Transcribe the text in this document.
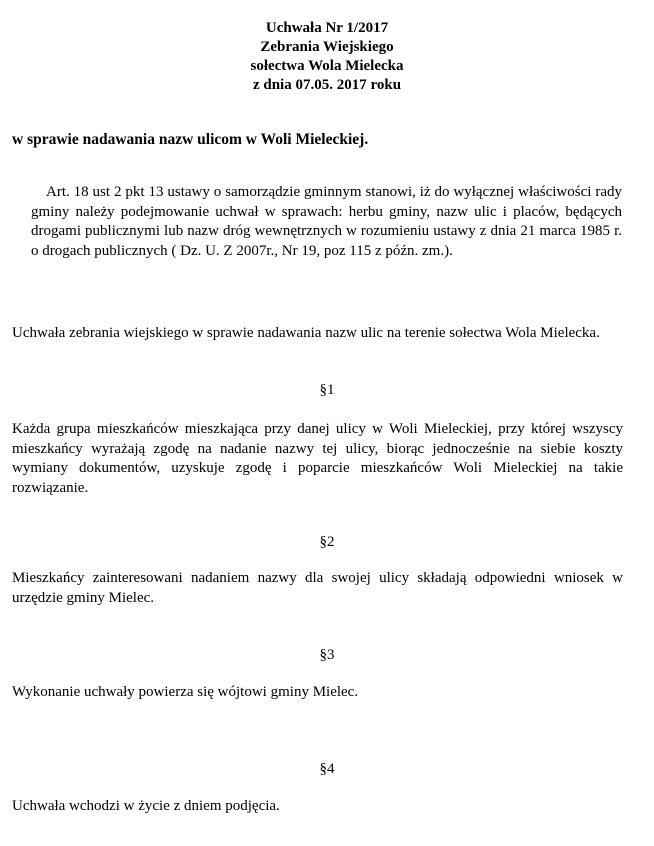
Uchwała Nr 1/2017
Zebrania Wiejskiego
sołectwa Wola Mielecka
z dnia 07.05. 2017 roku
w sprawie nadawania nazw ulicom w Woli Mieleckiej.
Art. 18 ust 2 pkt 13 ustawy o samorządzie gminnym stanowi, iż do wyłącznej właściwości rady gminy należy podejmowanie uchwał w sprawach: herbu gminy, nazw ulic i placów, będących drogami publicznymi lub nazw dróg wewnętrznych w rozumieniu ustawy z dnia 21 marca 1985 r. o drogach publicznych ( Dz. U. Z 2007r., Nr 19, poz 115 z późn. zm.).
Uchwała zebrania wiejskiego w sprawie nadawania nazw ulic na terenie sołectwa Wola Mielecka.
§1
Każda grupa mieszkańców mieszkająca przy danej ulicy w Woli Mieleckiej, przy której wszyscy mieszkańcy wyrażają zgodę na nadanie nazwy tej ulicy, biorąc jednocześnie na siebie koszty wymiany dokumentów, uzyskuje zgodę i poparcie mieszkańców Woli Mieleckiej na takie rozwiązanie.
§2
Mieszkańcy zainteresowani nadaniem nazwy dla swojej ulicy składają odpowiedni wniosek w urzędzie gminy Mielec.
§3
Wykonanie uchwały powierza się wójtowi gminy Mielec.
§4
Uchwała wchodzi w życie z dniem podjęcia.
